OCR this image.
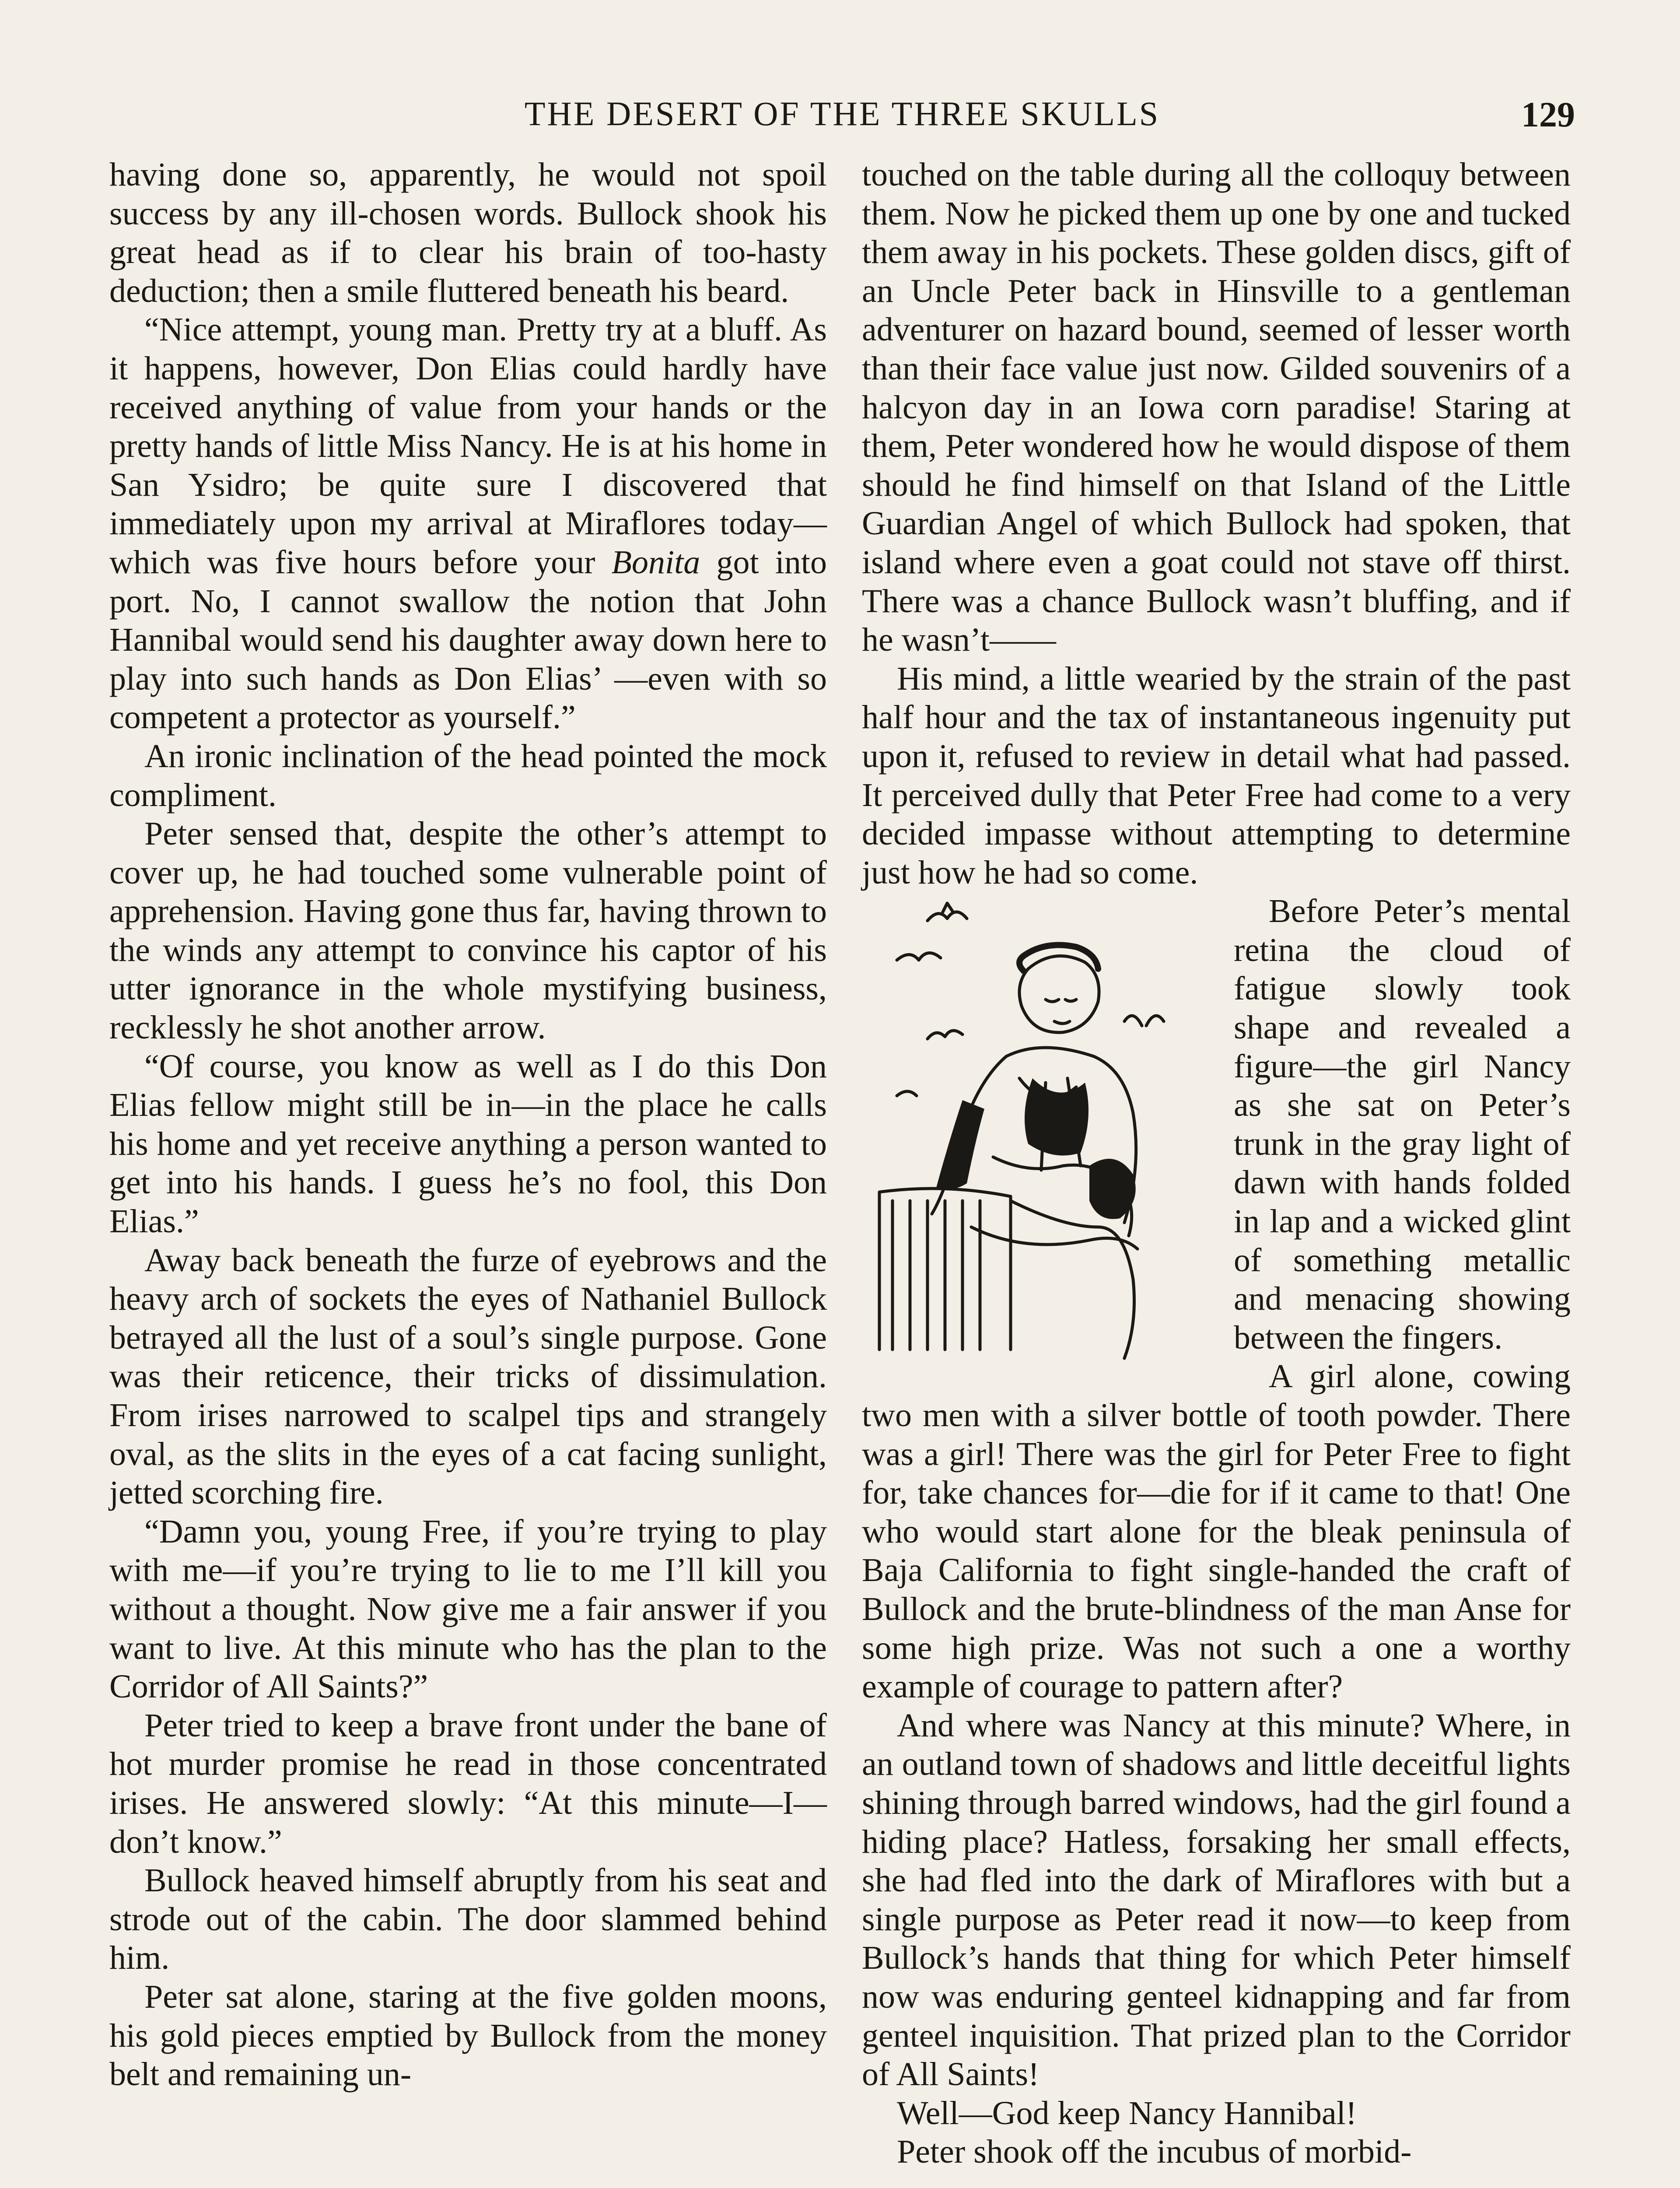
THE DESERT OF THE THREE SKULLS	129

having done so, apparently, he would not spoil success by any ill-chosen words. Bullock shook his great head as if to clear his brain of too-hasty deduction; then a smile fluttered beneath his beard.

“Nice attempt, young man. Pretty try at a bluff. As it happens, however, Don Elias could hardly have received anything of value from your hands or the pretty hands of little Miss Nancy. He is at his home in San Ysidro; be quite sure I discovered that immediately upon my arrival at Miraflores today—which was five hours before your Bonita got into port. No, I cannot swallow the notion that John Hannibal would send his daughter away down here to play into such hands as Don Elias’ —even with so competent a protector as yourself.”

An ironic inclination of the head pointed the mock compliment.

Peter sensed that, despite the other’s attempt to cover up, he had touched some vulnerable point of apprehension. Having gone thus far, having thrown to the winds any attempt to convince his captor of his utter ignorance in the whole mystifying business, recklessly he shot another arrow.

“Of course, you know as well as I do this Don Elias fellow might still be in—in the place he calls his home and yet receive anything a person wanted to get into his hands. I guess he’s no fool, this Don Elias.”

Away back beneath the furze of eyebrows and the heavy arch of sockets the eyes of Nathaniel Bullock betrayed all the lust of a soul’s single purpose. Gone was their reticence, their tricks of dissimulation. From irises narrowed to scalpel tips and strangely oval, as the slits in the eyes of a cat facing sunlight, jetted scorching fire.

“Damn you, young Free, if you’re trying to play with me—if you’re trying to lie to me I’ll kill you without a thought. Now give me a fair answer if you want to live. At this minute who has the plan to the Corridor of All Saints?”

Peter tried to keep a brave front under the bane of hot murder promise he read in those concentrated irises. He answered slowly: “At this minute—I—don’t know.”

Bullock heaved himself abruptly from his seat and strode out of the cabin. The door slammed behind him.

Peter sat alone, staring at the five golden moons, his gold pieces emptied by Bullock from the money belt and remaining un-

touched on the table during all the colloquy between them. Now he picked them up one by one and tucked them away in his pockets. These golden discs, gift of an Uncle Peter back in Hinsville to a gentleman adventurer on hazard bound, seemed of lesser worth than their face value just now. Gilded souvenirs of a halcyon day in an Iowa corn paradise! Staring at them, Peter wondered how he would dispose of them should he find himself on that Island of the Little Guardian Angel of which Bullock had spoken, that island where even a goat could not stave off thirst. There was a chance Bullock wasn’t bluffing, and if he wasn’t——

His mind, a little wearied by the strain of the past half hour and the tax of instantaneous ingenuity put upon it, refused to review in detail what had passed. It perceived dully that Peter Free had come to a very decided impasse without attempting to determine just how he had so come.

Before Peter’s mental retina the cloud of fatigue slowly took shape and revealed a figure—the girl Nancy as she sat on Peter’s trunk in the gray light of dawn with hands folded in lap and a wicked glint of something metallic and menacing showing between the fingers.

A girl alone, cowing two men with a silver bottle of tooth powder. There was a girl! There was the girl for Peter Free to fight for, take chances for—die for if it came to that! One who would start alone for the bleak peninsula of Baja California to fight single-handed the craft of Bullock and the brute-blindness of the man Anse for some high prize. Was not such a one a worthy example of courage to pattern after?

And where was Nancy at this minute? Where, in an outland town of shadows and little deceitful lights shining through barred windows, had the girl found a hiding place? Hatless, forsaking her small effects, she had fled into the dark of Miraflores with but a single purpose as Peter read it now—to keep from Bullock’s hands that thing for which Peter himself now was enduring genteel kidnapping and far from genteel inquisition. That prized plan to the Corridor of All Saints!

Well—God keep Nancy Hannibal!

Peter shook off the incubus of morbid-
